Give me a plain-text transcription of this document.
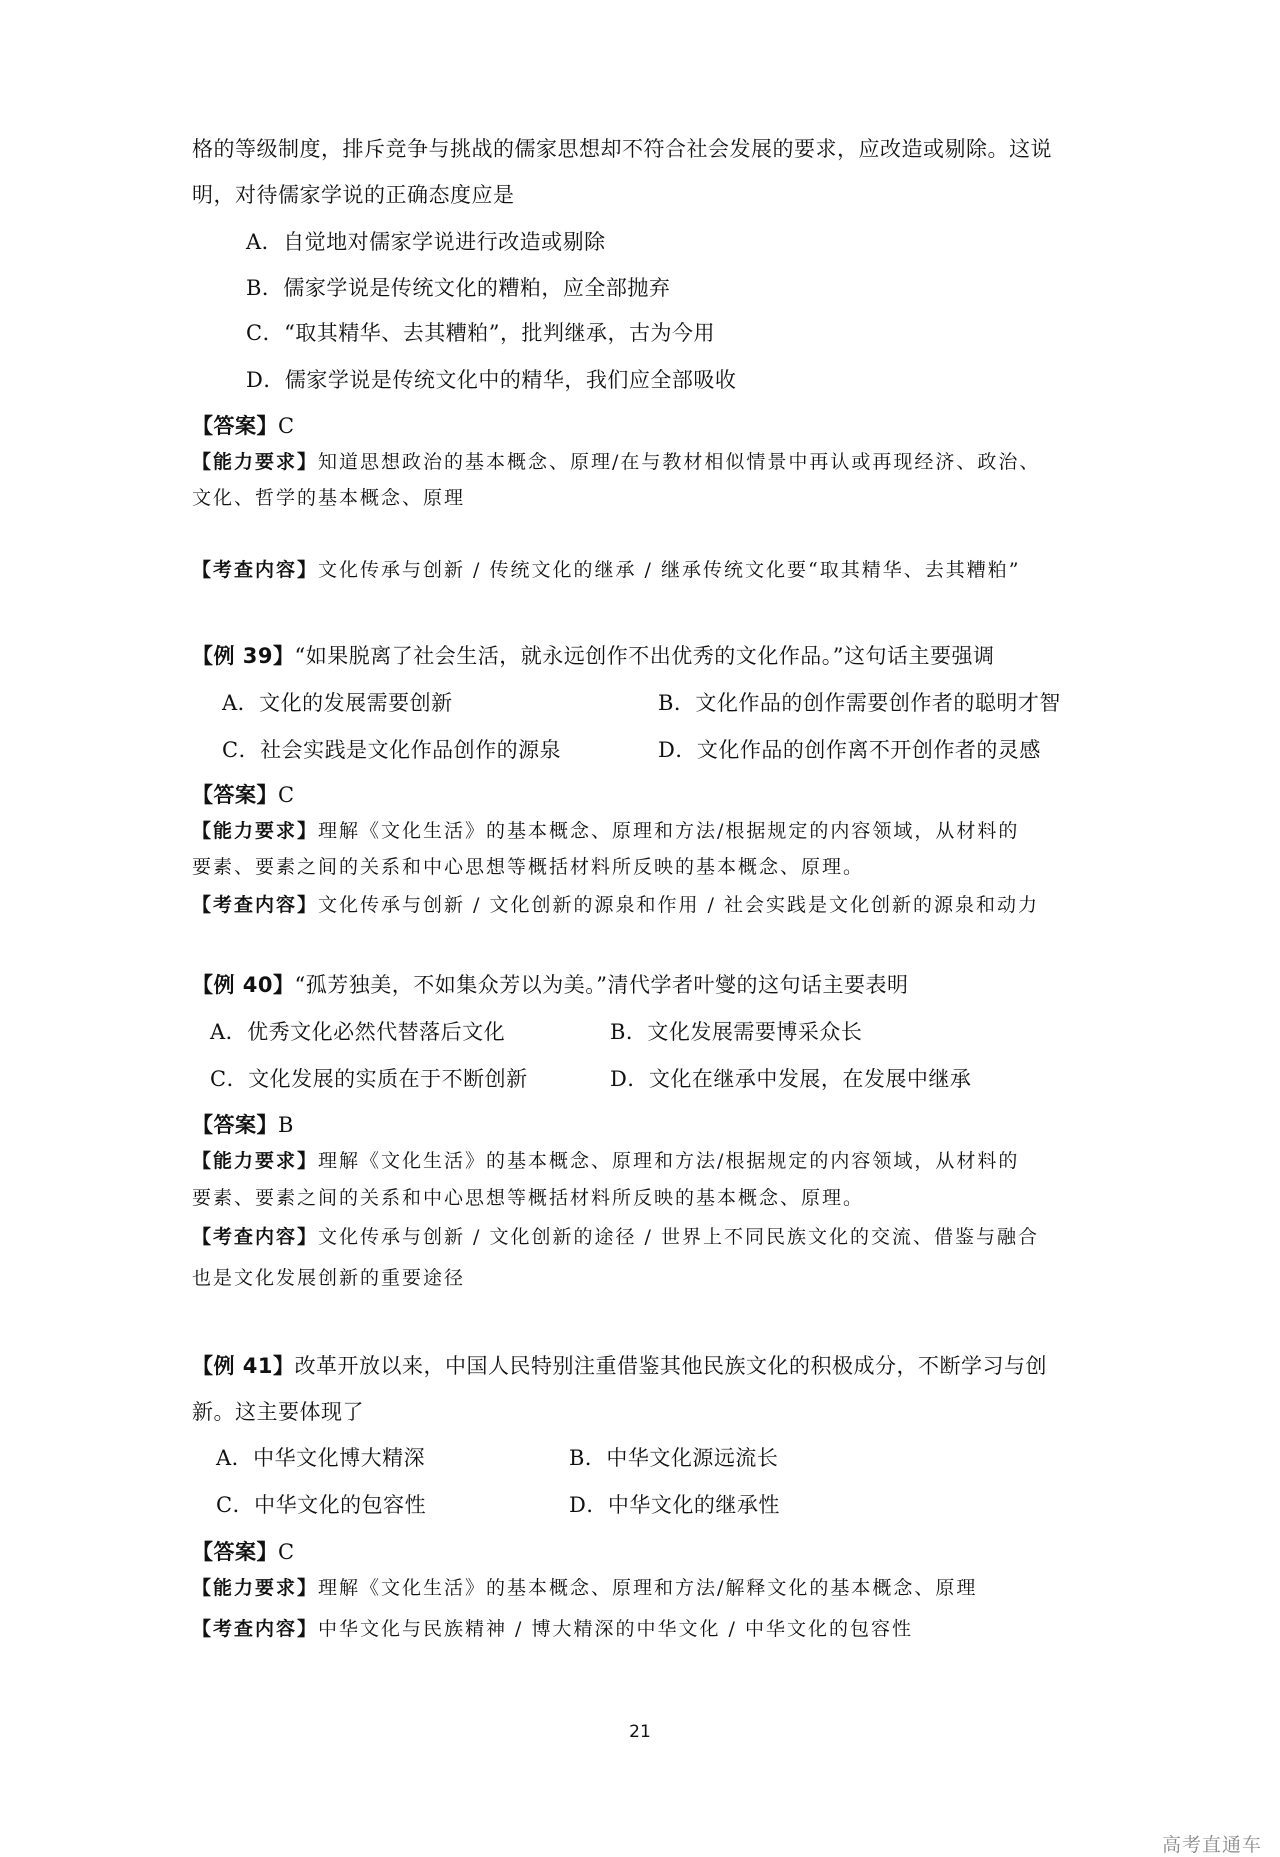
格的等级制度，排斥竞争与挑战的儒家思想却不符合社会发展的要求，应改造或剔除。这说
明，对待儒家学说的正确态度应是
A．自觉地对儒家学说进行改造或剔除
B．儒家学说是传统文化的糟粕，应全部抛弃
C．“取其精华、去其糟粕”，批判继承，古为今用
D．儒家学说是传统文化中的精华，我们应全部吸收
【答案】C
【能力要求】知道思想政治的基本概念、原理/在与教材相似情景中再认或再现经济、政治、
文化、哲学的基本概念、原理
【考查内容】文化传承与创新 / 传统文化的继承 / 继承传统文化要“取其精华、去其糟粕”
【例 39】“如果脱离了社会生活，就永远创作不出优秀的文化作品。”这句话主要强调
A．文化的发展需要创新	B．文化作品的创作需要创作者的聪明才智
C．社会实践是文化作品创作的源泉	D．文化作品的创作离不开创作者的灵感
【答案】C
【能力要求】理解《文化生活》的基本概念、原理和方法/根据规定的内容领域，从材料的
要素、要素之间的关系和中心思想等概括材料所反映的基本概念、原理。
【考查内容】文化传承与创新 / 文化创新的源泉和作用 / 社会实践是文化创新的源泉和动力
【例 40】“孤芳独美，不如集众芳以为美。”清代学者叶燮的这句话主要表明
A．优秀文化必然代替落后文化	B．文化发展需要博采众长
C．文化发展的实质在于不断创新	D．文化在继承中发展，在发展中继承
【答案】B
【能力要求】理解《文化生活》的基本概念、原理和方法/根据规定的内容领域，从材料的
要素、要素之间的关系和中心思想等概括材料所反映的基本概念、原理。
【考查内容】文化传承与创新 / 文化创新的途径 / 世界上不同民族文化的交流、借鉴与融合
也是文化发展创新的重要途径
【例 41】改革开放以来，中国人民特别注重借鉴其他民族文化的积极成分，不断学习与创
新。这主要体现了
A．中华文化博大精深	B．中华文化源远流长
C．中华文化的包容性	D．中华文化的继承性
【答案】C
【能力要求】理解《文化生活》的基本概念、原理和方法/解释文化的基本概念、原理
【考查内容】中华文化与民族精神 / 博大精深的中华文化 / 中华文化的包容性
21
高考直通车
